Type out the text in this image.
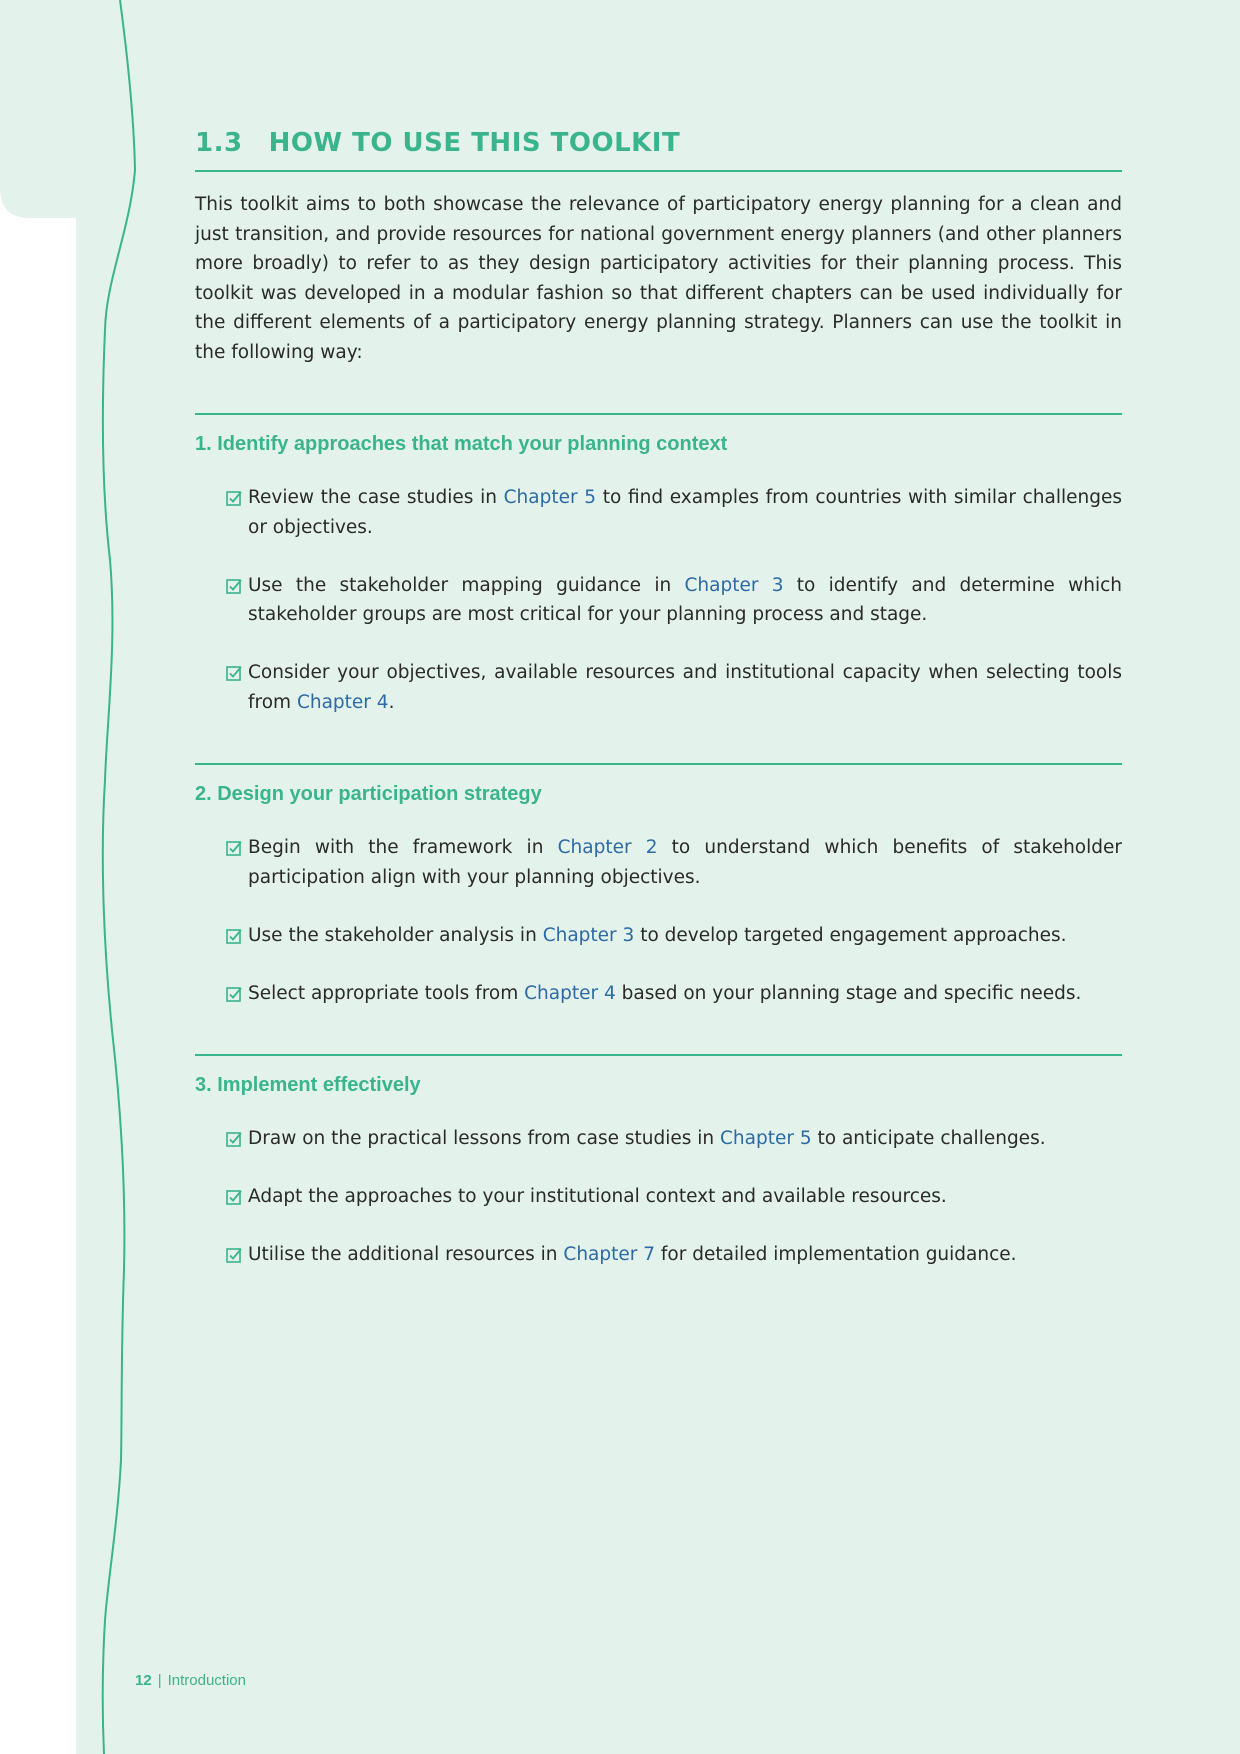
1.3 HOW TO USE THIS TOOLKIT

This toolkit aims to both showcase the relevance of participatory energy planning for a clean and just transition, and provide resources for national government energy planners (and other planners more broadly) to refer to as they design participatory activities for their planning process. This toolkit was developed in a modular fashion so that different chapters can be used individually for the different elements of a participatory energy planning strategy. Planners can use the toolkit in the following way:

1. Identify approaches that match your planning context
Review the case studies in Chapter 5 to find examples from countries with similar challenges or objectives.
Use the stakeholder mapping guidance in Chapter 3 to identify and determine which stakeholder groups are most critical for your planning process and stage.
Consider your objectives, available resources and institutional capacity when selecting tools from Chapter 4.
2. Design your participation strategy
Begin with the framework in Chapter 2 to understand which benefits of stakeholder participation align with your planning objectives.
Use the stakeholder analysis in Chapter 3 to develop targeted engagement approaches.
Select appropriate tools from Chapter 4 based on your planning stage and specific needs.
3. Implement effectively
Draw on the practical lessons from case studies in Chapter 5 to anticipate challenges.
Adapt the approaches to your institutional context and available resources.
Utilise the additional resources in Chapter 7 for detailed implementation guidance.
12 | Introduction
